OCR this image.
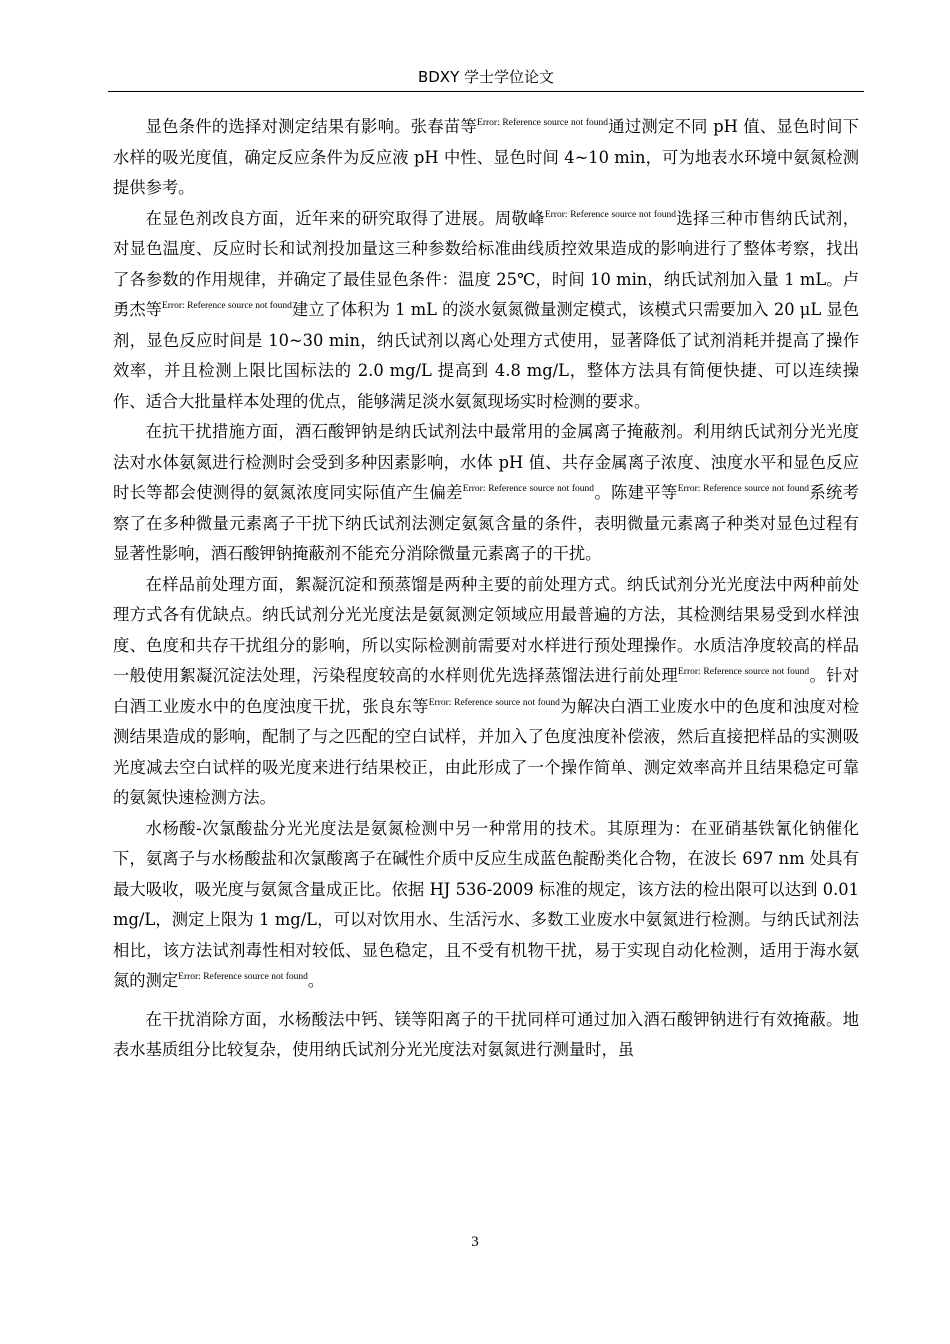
BDXY 学士学位论文

显色条件的选择对测定结果有影响。张春苗等$^{Error: Reference source not found}$通过测定不同 pH 值、显色时间下水样的吸光度值，确定反应条件为反应液 pH 中性、显色时间 4~10 min，可为地表水环境中氨氮检测提供参考。

在显色剂改良方面，近年来的研究取得了进展。周敬峰$^{Error: Reference source not found}$选择三种市售纳氏试剂，对显色温度、反应时长和试剂投加量这三种参数给标准曲线质控效果造成的影响进行了整体考察，找出了各参数的作用规律，并确定了最佳显色条件：温度 25℃，时间 10 min，纳氏试剂加入量 1 mL。卢勇杰等$^{Error: Reference source not found}$建立了体积为 1 mL 的淡水氨氮微量测定模式，该模式只需要加入 20 μL 显色剂，显色反应时间是 10~30 min，纳氏试剂以离心处理方式使用，显著降低了试剂消耗并提高了操作效率，并且检测上限比国标法的 2.0 mg/L 提高到 4.8 mg/L，整体方法具有简便快捷、可以连续操作、适合大批量样本处理的优点，能够满足淡水氨氮现场实时检测的要求。

在抗干扰措施方面，酒石酸钾钠是纳氏试剂法中最常用的金属离子掩蔽剂。利用纳氏试剂分光光度法对水体氨氮进行检测时会受到多种因素影响，水体 pH 值、共存金属离子浓度、浊度水平和显色反应时长等都会使测得的氨氮浓度同实际值产生偏差$^{Error: Reference source not found}$。陈建平等$^{Error: Reference source not found}$系统考察了在多种微量元素离子干扰下纳氏试剂法测定氨氮含量的条件，表明微量元素离子种类对显色过程有显著性影响，酒石酸钾钠掩蔽剂不能充分消除微量元素离子的干扰。

在样品前处理方面，絮凝沉淀和预蒸馏是两种主要的前处理方式。纳氏试剂分光光度法中两种前处理方式各有优缺点。纳氏试剂分光光度法是氨氮测定领域应用最普遍的方法，其检测结果易受到水样浊度、色度和共存干扰组分的影响，所以实际检测前需要对水样进行预处理操作。水质洁净度较高的样品一般使用絮凝沉淀法处理，污染程度较高的水样则优先选择蒸馏法进行前处理$^{Error: Reference source not found}$。针对白酒工业废水中的色度浊度干扰，张良东等$^{Error: Reference source not found}$为解决白酒工业废水中的色度和浊度对检测结果造成的影响，配制了与之匹配的空白试样，并加入了色度浊度补偿液，然后直接把样品的实测吸光度减去空白试样的吸光度来进行结果校正，由此形成了一个操作简单、测定效率高并且结果稳定可靠的氨氮快速检测方法。

水杨酸-次氯酸盐分光光度法是氨氮检测中另一种常用的技术。其原理为：在亚硝基铁氰化钠催化下，氨离子与水杨酸盐和次氯酸离子在碱性介质中反应生成蓝色靛酚类化合物，在波长 697 nm 处具有最大吸收，吸光度与氨氮含量成正比。依据 HJ 536-2009 标准的规定，该方法的检出限可以达到 0.01 mg/L，测定上限为 1 mg/L，可以对饮用水、生活污水、多数工业废水中氨氮进行检测。与纳氏试剂法相比，该方法试剂毒性相对较低、显色稳定，且不受有机物干扰，易于实现自动化检测，适用于海水氨氮的测定$^{Error: Reference source not found}$。

在干扰消除方面，水杨酸法中钙、镁等阳离子的干扰同样可通过加入酒石酸钾钠进行有效掩蔽。地表水基质组分比较复杂，使用纳氏试剂分光光度法对氨氮进行测量时，虽

3
